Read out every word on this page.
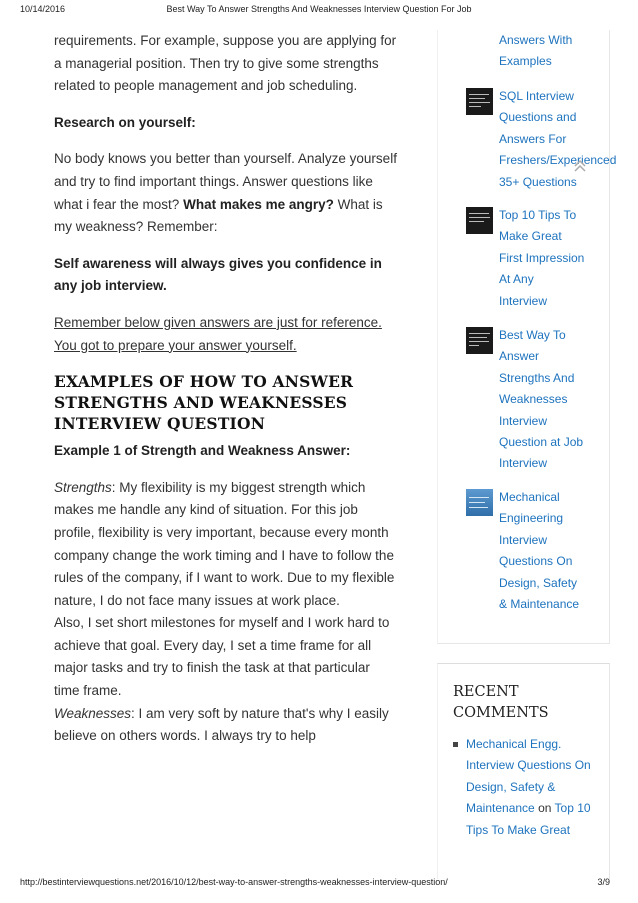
10/14/2016	Best Way To Answer Strengths And Weaknesses Interview Question For Job

requirements. For example, suppose you are applying for a managerial position. Then try to give some strengths related to people management and job scheduling.

Research on yourself:

No body knows you better than yourself. Analyze yourself and try to find important things. Answer questions like what i fear the most? What makes me angry? What is my weakness? Remember:

Self awareness will always gives you confidence in any job interview.

Remember below given answers are just for reference. You got to prepare your answer yourself.

EXAMPLES OF HOW TO ANSWER STRENGTHS AND WEAKNESSES INTERVIEW QUESTION

Example 1 of Strength and Weakness Answer:

Strengths: My flexibility is my biggest strength which makes me handle any kind of situation. For this job profile, flexibility is very important, because every month company change the work timing and I have to follow the rules of the company, if I want to work. Due to my flexible nature, I do not face many issues at work place.

Also, I set short milestones for myself and I work hard to achieve that goal. Every day, I set a time frame for all major tasks and try to finish the task at that particular time frame.

Weaknesses: I am very soft by nature that's why I easily believe on others words. I always try to help

Answers With
Examples
SQL Interview
Questions and
Answers For
Freshers/Experienced
35+ Questions
Top 10 Tips To
Make Great
First Impression
At Any
Interview
Best Way To
Answer
Strengths And
Weaknesses
Interview
Question at Job
Interview
Mechanical
Engineering
Interview
Questions On
Design, Safety
& Maintenance
RECENT COMMENTS
Mechanical Engg. Interview Questions On Design, Safety & Maintenance on Top 10 Tips To Make Great
http://bestinterviewquestions.net/2016/10/12/best-way-to-answer-strengths-weaknesses-interview-question/	3/9
